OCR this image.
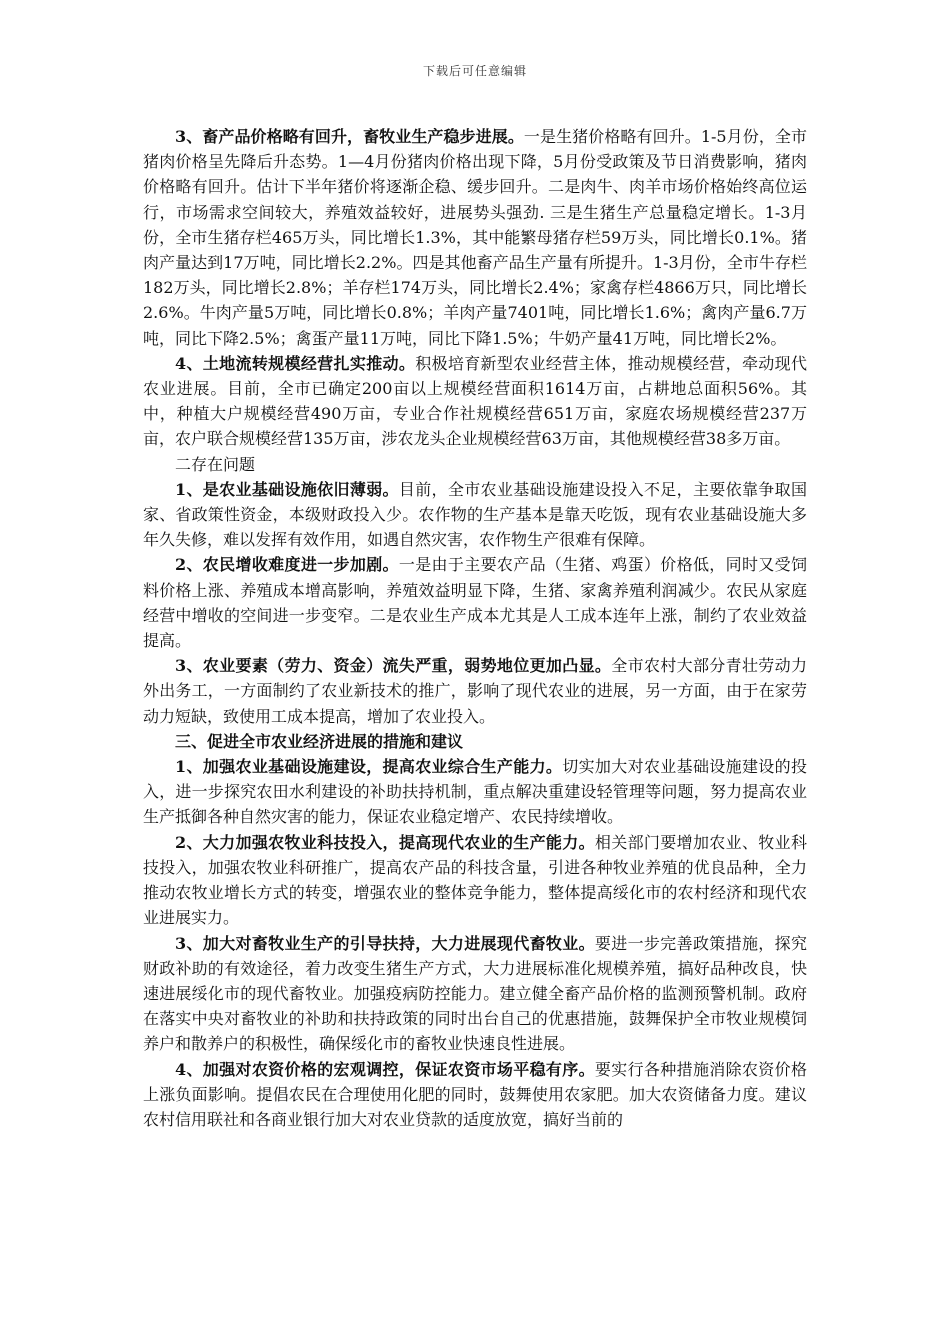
下载后可任意编辑

3、畜产品价格略有回升，畜牧业生产稳步进展。一是生猪价格略有回升。1-5月份，全市猪肉价格呈先降后升态势。1—4月份猪肉价格出现下降，5月份受政策及节日消费影响，猪肉价格略有回升。估计下半年猪价将逐渐企稳、缓步回升。二是肉牛、肉羊市场价格始终高位运行，市场需求空间较大，养殖效益较好，进展势头强劲. 三是生猪生产总量稳定增长。1-3月份，全市生猪存栏465万头，同比增长1.3%，其中能繁母猪存栏59万头，同比增长0.1%。猪肉产量达到17万吨，同比增长2.2%。四是其他畜产品生产量有所提升。1-3月份，全市牛存栏182万头，同比增长2.8%；羊存栏174万头，同比增长2.4%；家禽存栏4866万只，同比增长2.6%。牛肉产量5万吨，同比增长0.8%；羊肉产量7401吨，同比增长1.6%；禽肉产量6.7万吨，同比下降2.5%；禽蛋产量11万吨，同比下降1.5%；牛奶产量41万吨，同比增长2%。

4、土地流转规模经营扎实推动。积极培育新型农业经营主体，推动规模经营，牵动现代农业进展。目前，全市已确定200亩以上规模经营面积1614万亩，占耕地总面积56%。其中，种植大户规模经营490万亩，专业合作社规模经营651万亩，家庭农场规模经营237万亩，农户联合规模经营135万亩，涉农龙头企业规模经营63万亩，其他规模经营38多万亩。

二存在问题

1、是农业基础设施依旧薄弱。目前，全市农业基础设施建设投入不足，主要依靠争取国家、省政策性资金，本级财政投入少。农作物的生产基本是靠天吃饭，现有农业基础设施大多年久失修，难以发挥有效作用，如遇自然灾害，农作物生产很难有保障。

2、农民增收难度进一步加剧。一是由于主要农产品（生猪、鸡蛋）价格低，同时又受饲料价格上涨、养殖成本增高影响，养殖效益明显下降，生猪、家禽养殖利润减少。农民从家庭经营中增收的空间进一步变窄。二是农业生产成本尤其是人工成本连年上涨，制约了农业效益提高。

3、农业要素（劳力、资金）流失严重，弱势地位更加凸显。全市农村大部分青壮劳动力外出务工，一方面制约了农业新技术的推广，影响了现代农业的进展，另一方面，由于在家劳动力短缺，致使用工成本提高，增加了农业投入。

三、促进全市农业经济进展的措施和建议

1、加强农业基础设施建设，提高农业综合生产能力。切实加大对农业基础设施建设的投入，进一步探究农田水利建设的补助扶持机制，重点解决重建设轻管理等问题，努力提高农业生产抵御各种自然灾害的能力，保证农业稳定增产、农民持续增收。

2、大力加强农牧业科技投入，提高现代农业的生产能力。相关部门要增加农业、牧业科技投入，加强农牧业科研推广，提高农产品的科技含量，引进各种牧业养殖的优良品种，全力推动农牧业增长方式的转变，增强农业的整体竞争能力，整体提高绥化市的农村经济和现代农业进展实力。

3、加大对畜牧业生产的引导扶持，大力进展现代畜牧业。要进一步完善政策措施，探究财政补助的有效途径，着力改变生猪生产方式，大力进展标准化规模养殖，搞好品种改良，快速进展绥化市的现代畜牧业。加强疫病防控能力。建立健全畜产品价格的监测预警机制。政府在落实中央对畜牧业的补助和扶持政策的同时出台自己的优惠措施，鼓舞保护全市牧业规模饲养户和散养户的积极性，确保绥化市的畜牧业快速良性进展。

4、加强对农资价格的宏观调控，保证农资市场平稳有序。要实行各种措施消除农资价格上涨负面影响。提倡农民在合理使用化肥的同时，鼓舞使用农家肥。加大农资储备力度。建议农村信用联社和各商业银行加大对农业贷款的适度放宽，搞好当前的
